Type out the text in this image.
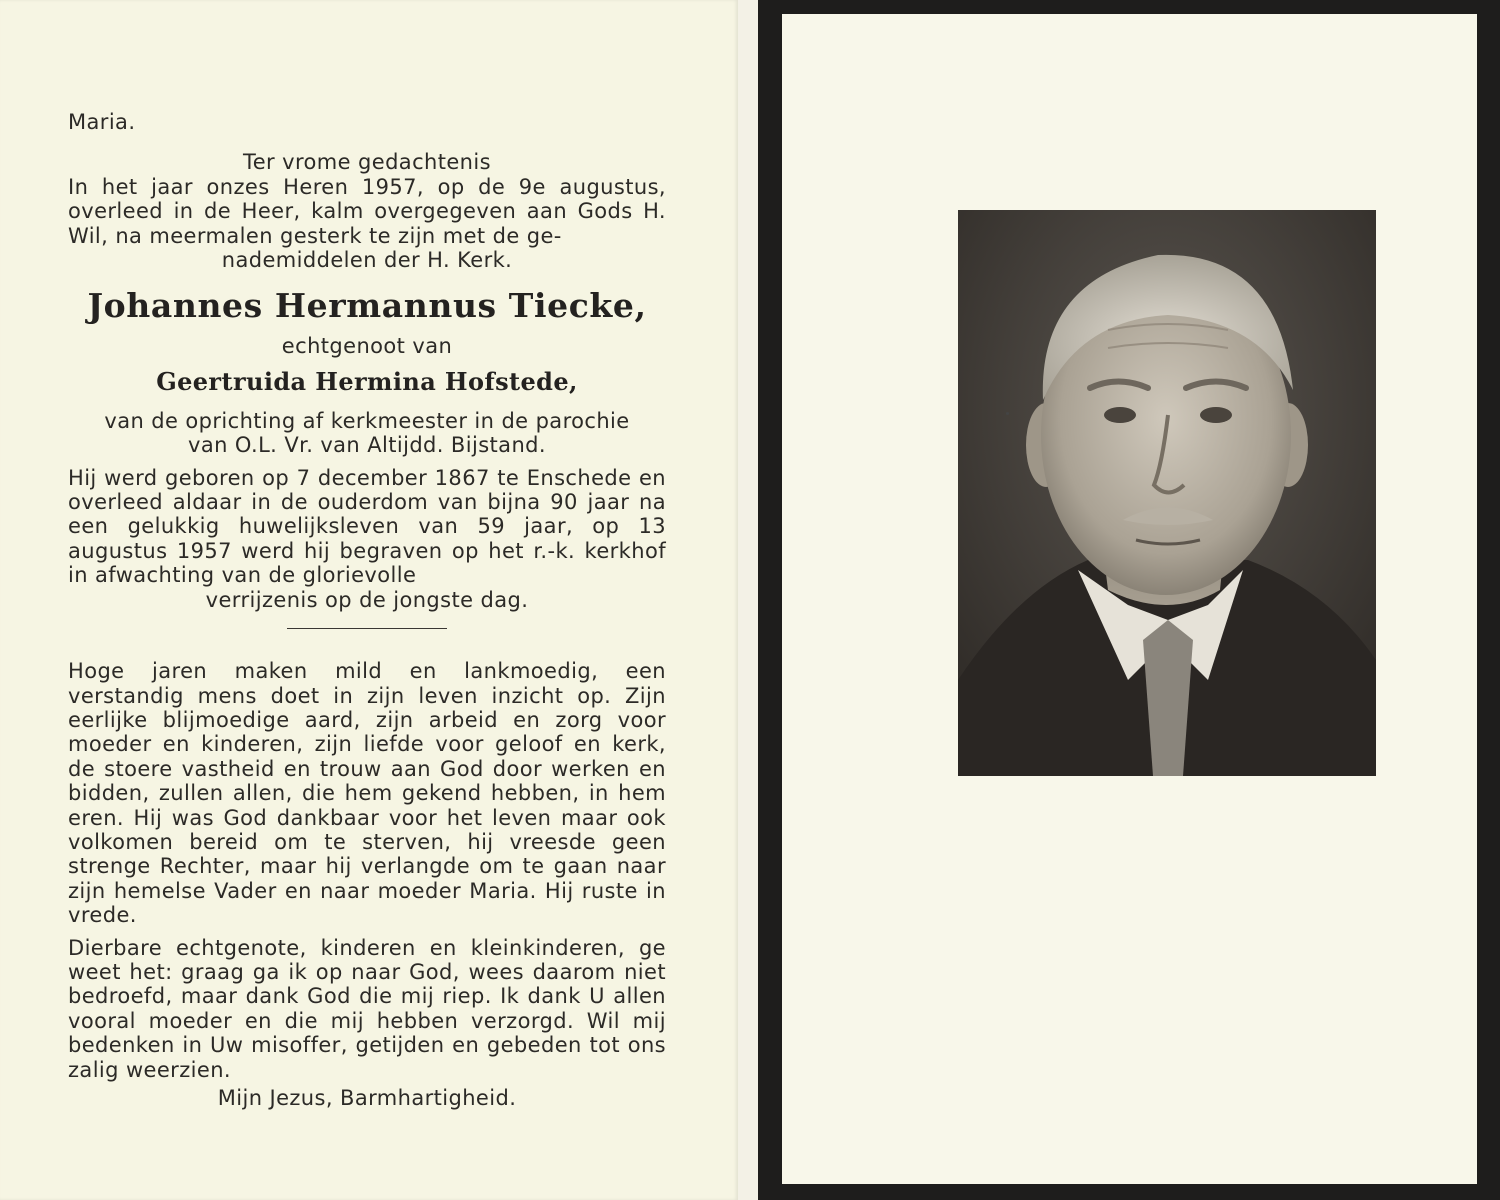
Maria.

Ter vrome gedachtenis

In het jaar onzes Heren 1957, op de 9e augustus, overleed in de Heer, kalm overgegeven aan Gods H. Wil, na meermalen gesterk te zijn met de ge-

nademiddelen der H. Kerk.

Johannes Hermannus Tiecke,

echtgenoot van

Geertruida Hermina Hofstede,

van de oprichting af kerkmeester in de parochie

van O.L. Vr. van Altijdd. Bijstand.

Hij werd geboren op 7 december 1867 te Enschede en overleed aldaar in de ouderdom van bijna 90 jaar na een gelukkig huwelijksleven van 59 jaar, op 13 augustus 1957 werd hij begraven op het r.-k. kerkhof in afwachting van de glorievolle

verrijzenis op de jongste dag.

Hoge jaren maken mild en lankmoedig, een verstandig mens doet in zijn leven inzicht op. Zijn eerlijke blijmoedige aard, zijn arbeid en zorg voor moeder en kinderen, zijn liefde voor geloof en kerk, de stoere vastheid en trouw aan God door werken en bidden, zullen allen, die hem gekend hebben, in hem eren. Hij was God dankbaar voor het leven maar ook volkomen bereid om te sterven, hij vreesde geen strenge Rechter, maar hij verlangde om te gaan naar zijn hemelse Vader en naar moeder Maria. Hij ruste in vrede.

Dierbare echtgenote, kinderen en kleinkinderen, ge weet het: graag ga ik op naar God, wees daarom niet bedroefd, maar dank God die mij riep. Ik dank U allen vooral moeder en die mij hebben verzorgd. Wil mij bedenken in Uw misoffer, getijden en gebeden tot ons zalig weerzien.

Mijn Jezus, Barmhartigheid.
